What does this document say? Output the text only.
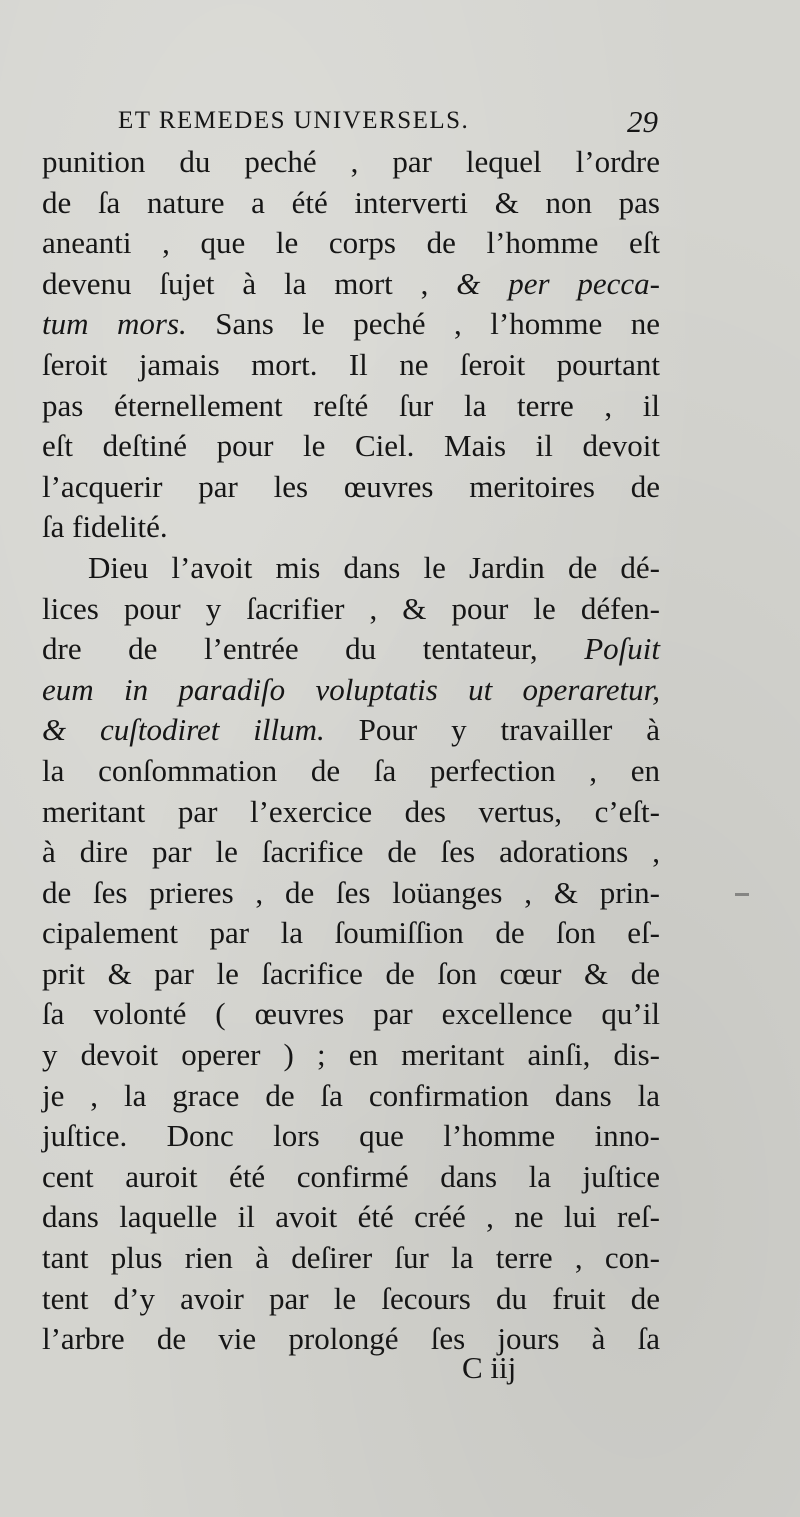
ET REMEDES UNIVERSELS.	29
punition du peché , par lequel l’ordre
de ſa nature a été interverti & non pas
aneanti , que le corps de l’homme eſt
devenu ſujet à la mort , & per pecca-
tum mors. Sans le peché , l’homme ne
ſeroit jamais mort. Il ne ſeroit pourtant
pas éternellement reſté ſur la terre , il
eſt deſtiné pour le Ciel. Mais il devoit
l’acquerir par les œuvres meritoires de
ſa fidelité.
Dieu l’avoit mis dans le Jardin de dé-
lices pour y ſacrifier , & pour le défen-
dre de l’entrée du tentateur, Poſuit
eum in paradiſo voluptatis ut operaretur,
& cuſtodiret illum. Pour y travailler à
la conſommation de ſa perfection , en
meritant par l’exercice des vertus, c’eſt-
à dire par le ſacrifice de ſes adorations ,
de ſes prieres , de ſes loüanges , & prin-
cipalement par la ſoumiſſion de ſon eſ-
prit & par le ſacrifice de ſon cœur & de
ſa volonté ( œuvres par excellence qu’il
y devoit operer ) ; en meritant ainſi, dis-
je , la grace de ſa confirmation dans la
juſtice. Donc lors que l’homme inno-
cent auroit été confirmé dans la juſtice
dans laquelle il avoit été créé , ne lui reſ-
tant plus rien à deſirer ſur la terre , con-
tent d’y avoir par le ſecours du fruit de
l’arbre de vie prolongé ſes jours à ſa
C iij
